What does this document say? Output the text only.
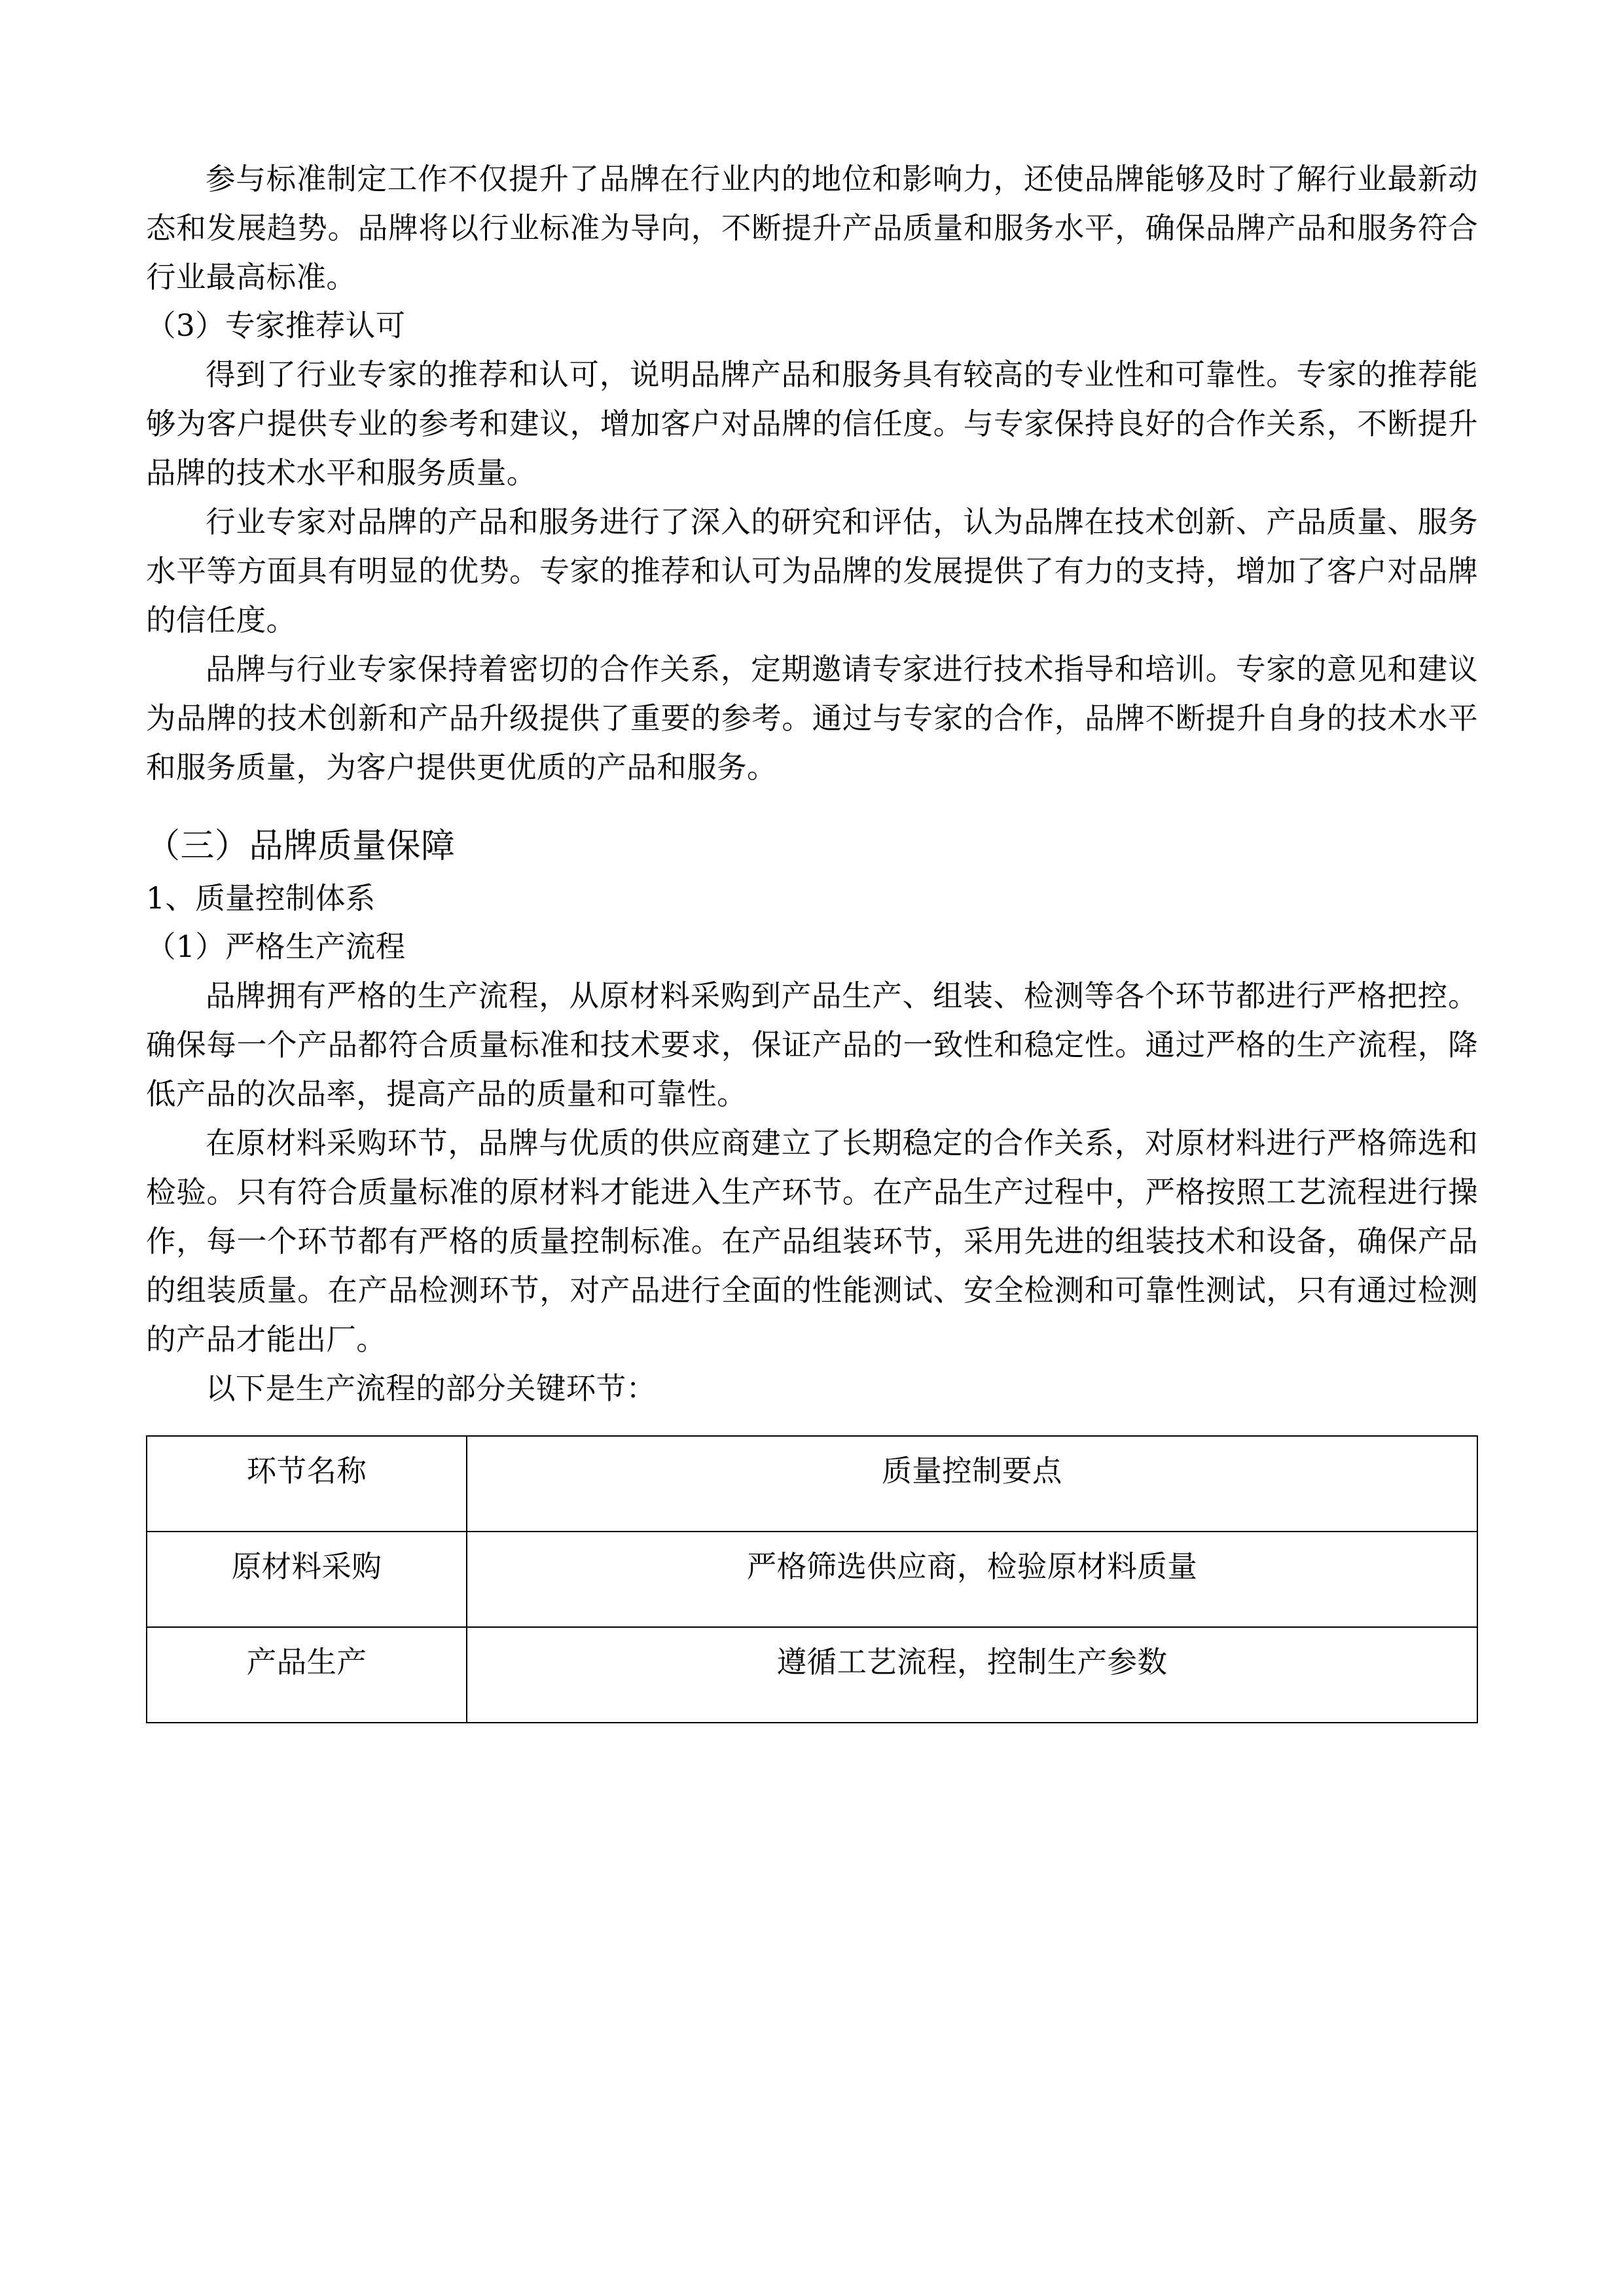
参与标准制定工作不仅提升了品牌在行业内的地位和影响力，还使品牌能够及时了解行业最新动态和发展趋势。品牌将以行业标准为导向，不断提升产品质量和服务水平，确保品牌产品和服务符合行业最高标准。

（3）专家推荐认可

得到了行业专家的推荐和认可，说明品牌产品和服务具有较高的专业性和可靠性。专家的推荐能够为客户提供专业的参考和建议，增加客户对品牌的信任度。与专家保持良好的合作关系，不断提升品牌的技术水平和服务质量。

行业专家对品牌的产品和服务进行了深入的研究和评估，认为品牌在技术创新、产品质量、服务水平等方面具有明显的优势。专家的推荐和认可为品牌的发展提供了有力的支持，增加了客户对品牌的信任度。

品牌与行业专家保持着密切的合作关系，定期邀请专家进行技术指导和培训。专家的意见和建议为品牌的技术创新和产品升级提供了重要的参考。通过与专家的合作，品牌不断提升自身的技术水平和服务质量，为客户提供更优质的产品和服务。

（三）品牌质量保障

1、质量控制体系

（1）严格生产流程

品牌拥有严格的生产流程，从原材料采购到产品生产、组装、检测等各个环节都进行严格把控。确保每一个产品都符合质量标准和技术要求，保证产品的一致性和稳定性。通过严格的生产流程，降低产品的次品率，提高产品的质量和可靠性。

在原材料采购环节，品牌与优质的供应商建立了长期稳定的合作关系，对原材料进行严格筛选和检验。只有符合质量标准的原材料才能进入生产环节。在产品生产过程中，严格按照工艺流程进行操作，每一个环节都有严格的质量控制标准。在产品组装环节，采用先进的组装技术和设备，确保产品的组装质量。在产品检测环节，对产品进行全面的性能测试、安全检测和可靠性测试，只有通过检测的产品才能出厂。

以下是生产流程的部分关键环节：

环节名称	质量控制要点
原材料采购	严格筛选供应商，检验原材料质量
产品生产	遵循工艺流程，控制生产参数
